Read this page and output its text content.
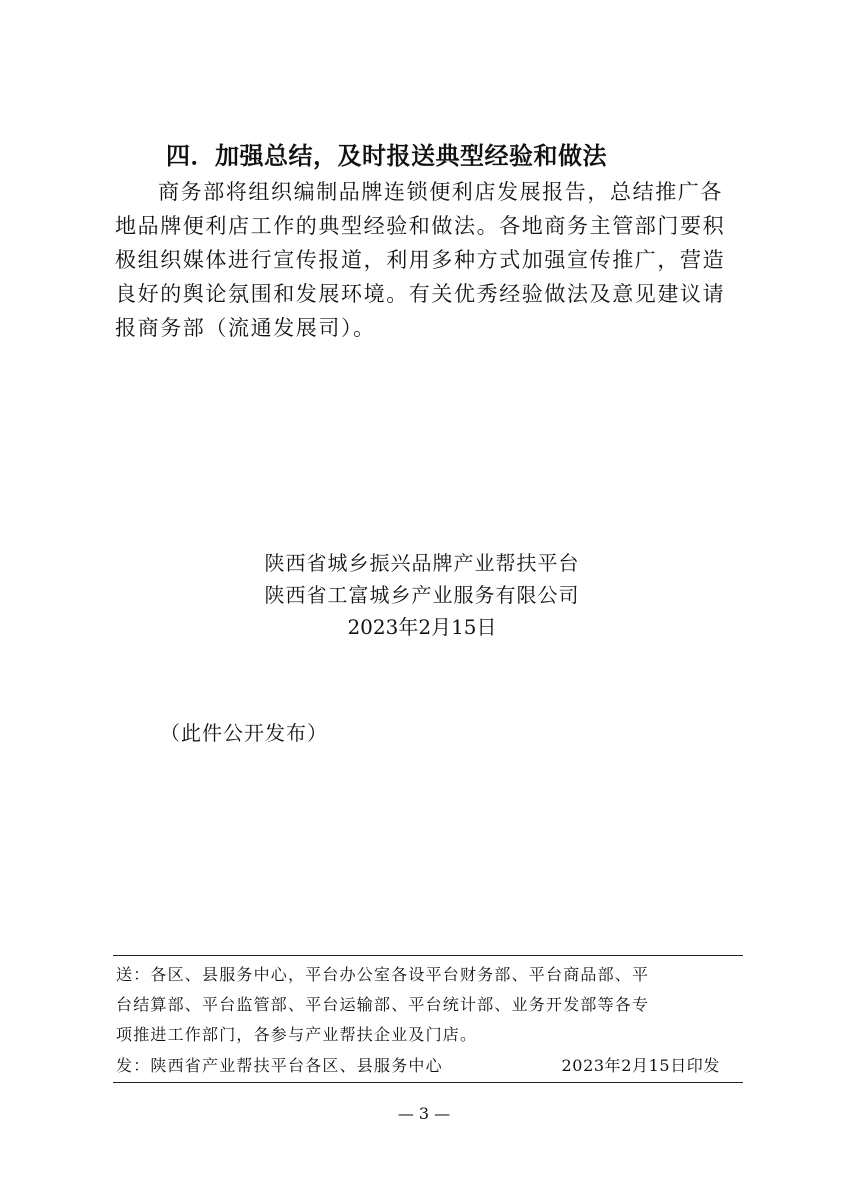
四．加强总结，及时报送典型经验和做法
商务部将组织编制品牌连锁便利店发展报告，总结推广各
地品牌便利店工作的典型经验和做法。各地商务主管部门要积
极组织媒体进行宣传报道，利用多种方式加强宣传推广，营造
良好的舆论氛围和发展环境。有关优秀经验做法及意见建议请
报商务部（流通发展司）。
陕西省城乡振兴品牌产业帮扶平台
陕西省工富城乡产业服务有限公司
2023年2月15日
（此件公开发布）
送：各区、县服务中心，平台办公室各设平台财务部、平台商品部、平
台结算部、平台监管部、平台运输部、平台统计部、业务开发部等各专
项推进工作部门，各参与产业帮扶企业及门店。
发：陕西省产业帮扶平台各区、县服务中心	2023年2月15日印发
— 3 —
